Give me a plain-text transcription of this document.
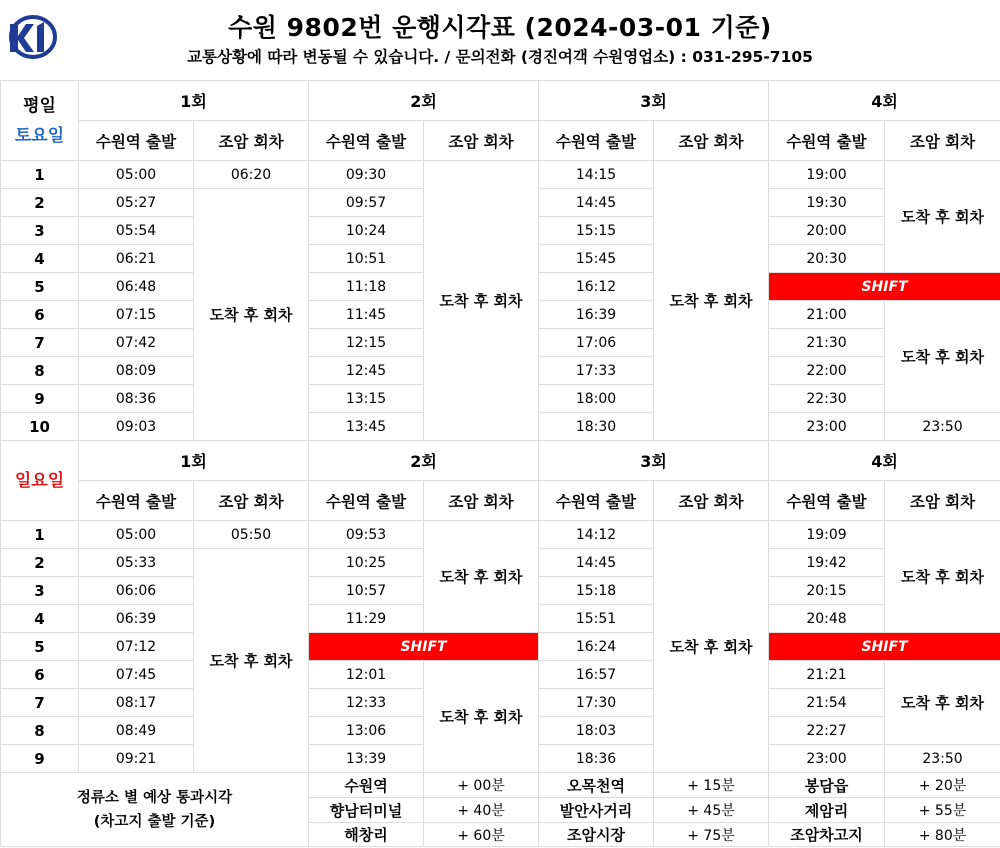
수원 9802번 운행시각표 (2024-03-01 기준)
교통상황에 따라 변동될 수 있습니다. / 문의전화 (경진여객 수원영업소) : 031-295-7105
평일
토요일	1회		2회		3회		4회	
	수원역 출발	조암 회차	수원역 출발	조암 회차	수원역 출발	조암 회차	수원역 출발	조암 회차
1	05:00	06:20	09:30	도착 후 회차	14:15	도착 후 회차	19:00	도착 후 회차
2	05:27	도착 후 회차	09:57		14:45		19:30	
3	05:54		10:24		15:15		20:00	
4	06:21		10:51		15:45		20:30	
5	06:48		11:18		16:12		SHIFT	
6	07:15		11:45		16:39		21:00	도착 후 회차
7	07:42		12:15		17:06		21:30	
8	08:09		12:45		17:33		22:00	
9	08:36		13:15		18:00		22:30	
10	09:03		13:45		18:30		23:00	23:50
일요일	1회		2회		3회		4회	
	수원역 출발	조암 회차	수원역 출발	조암 회차	수원역 출발	조암 회차	수원역 출발	조암 회차
1	05:00	05:50	09:53	도착 후 회차	14:12	도착 후 회차	19:09	도착 후 회차
2	05:33	도착 후 회차	10:25		14:45		19:42	
3	06:06		10:57		15:18		20:15	
4	06:39		11:29		15:51		20:48	
5	07:12		SHIFT		16:24		SHIFT	
6	07:45		12:01	도착 후 회차	16:57		21:21	도착 후 회차
7	08:17		12:33		17:30		21:54	
8	08:49		13:06		18:03		22:27	
9	09:21		13:39		18:36		23:00	23:50

정류소 별 예상 통과시각
(차고지 출발 기준)			수원역	+ 00분	오목천역	+ 15분	봉담읍	+ 20분
			향남터미널	+ 40분	발안사거리	+ 45분	제암리	+ 55분
			해창리	+ 60분	조암시장	+ 75분	조암차고지	+ 80분
